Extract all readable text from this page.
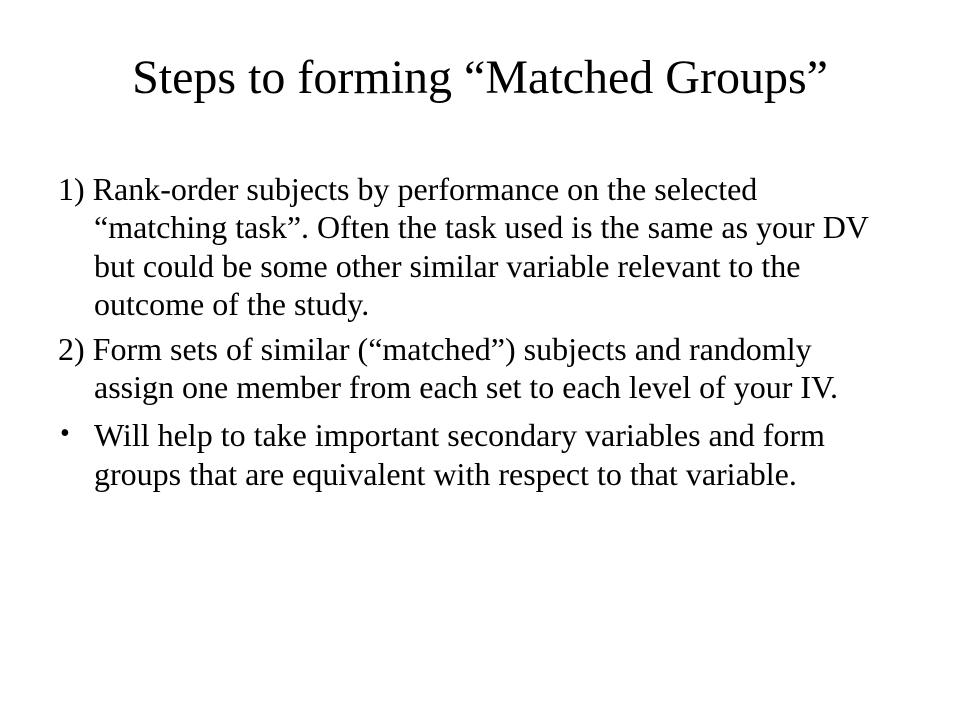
Steps to forming “Matched Groups”
1) Rank-order subjects by performance on the selected “matching task”. Often the task used is the same as your DV but could be some other similar variable relevant to the outcome of the study.
2) Form sets of similar (“matched”) subjects and randomly assign one member from each set to each level of your IV.
• Will help to take important secondary variables and form groups that are equivalent with respect to that variable.
